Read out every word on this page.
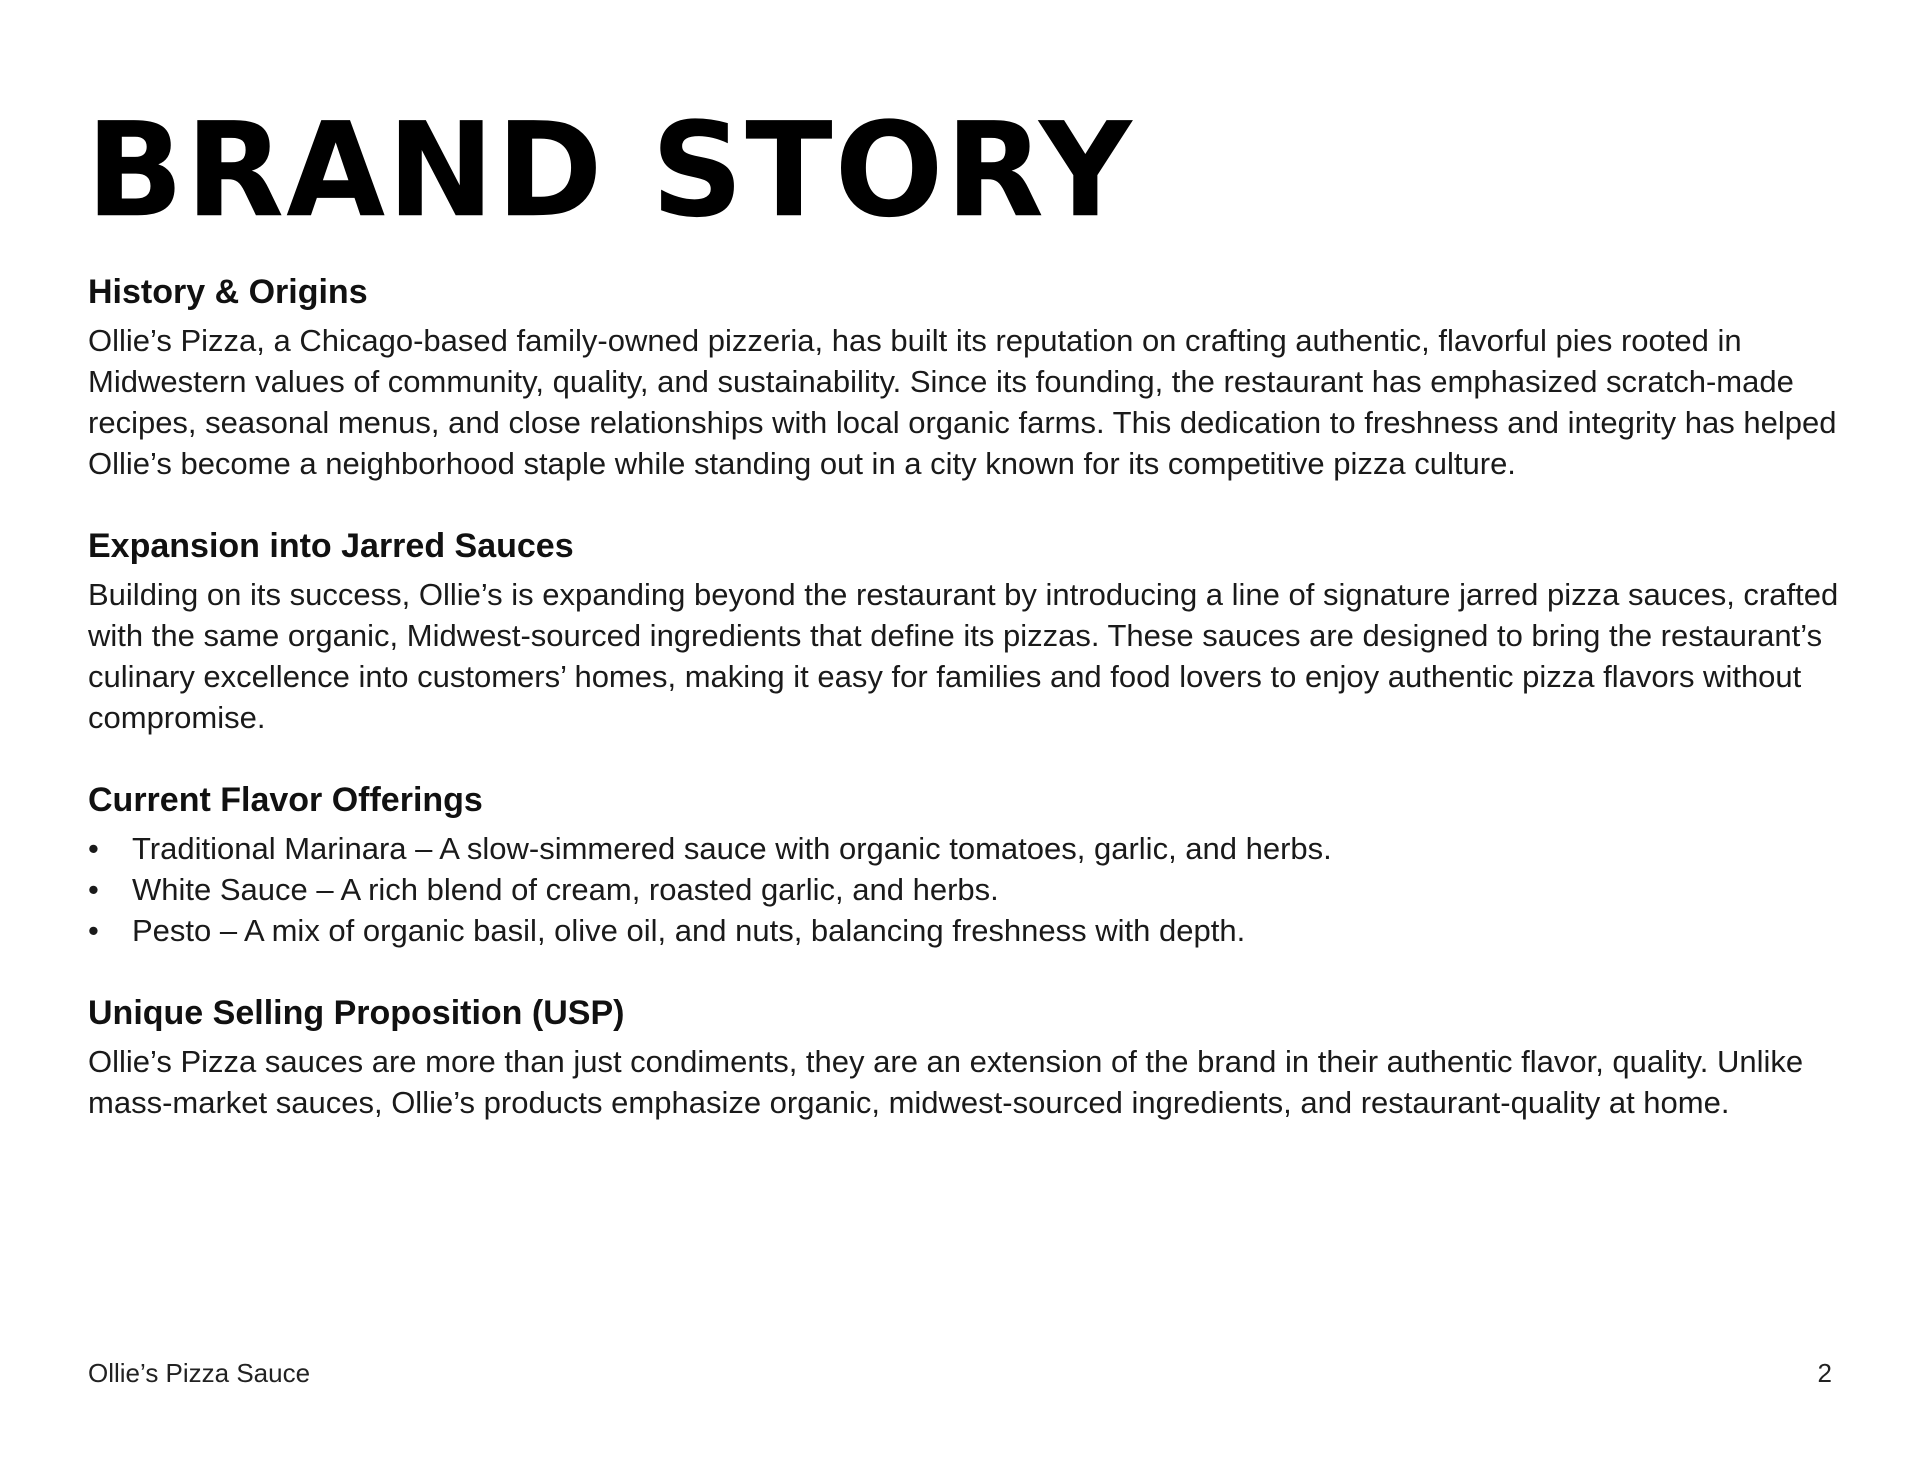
BRAND STORY
History & Origins

Ollie’s Pizza, a Chicago-based family-owned pizzeria, has built its reputation on crafting authentic, flavorful pies rooted in Midwestern values of community, quality, and sustainability. Since its founding, the restaurant has emphasized scratch-made recipes, seasonal menus, and close relationships with local organic farms. This dedication to freshness and integrity has helped Ollie’s become a neighborhood staple while standing out in a city known for its competitive pizza culture.

Expansion into Jarred Sauces

Building on its success, Ollie’s is expanding beyond the restaurant by introducing a line of signature jarred pizza sauces, crafted with the same organic, Midwest-sourced ingredients that define its pizzas. These sauces are designed to bring the restaurant’s culinary excellence into customers’ homes, making it easy for families and food lovers to enjoy authentic pizza flavors without compromise.

Current Flavor Offerings
• Traditional Marinara – A slow-simmered sauce with organic tomatoes, garlic, and herbs.
• White Sauce – A rich blend of cream, roasted garlic, and herbs.
• Pesto – A mix of organic basil, olive oil, and nuts, balancing freshness with depth.
Unique Selling Proposition (USP)

Ollie’s Pizza sauces are more than just condiments, they are an extension of the brand in their authentic flavor, quality. Unlike mass-market sauces, Ollie’s products emphasize organic, midwest-sourced ingredients, and restaurant-quality at home.

Ollie’s Pizza Sauce	2
